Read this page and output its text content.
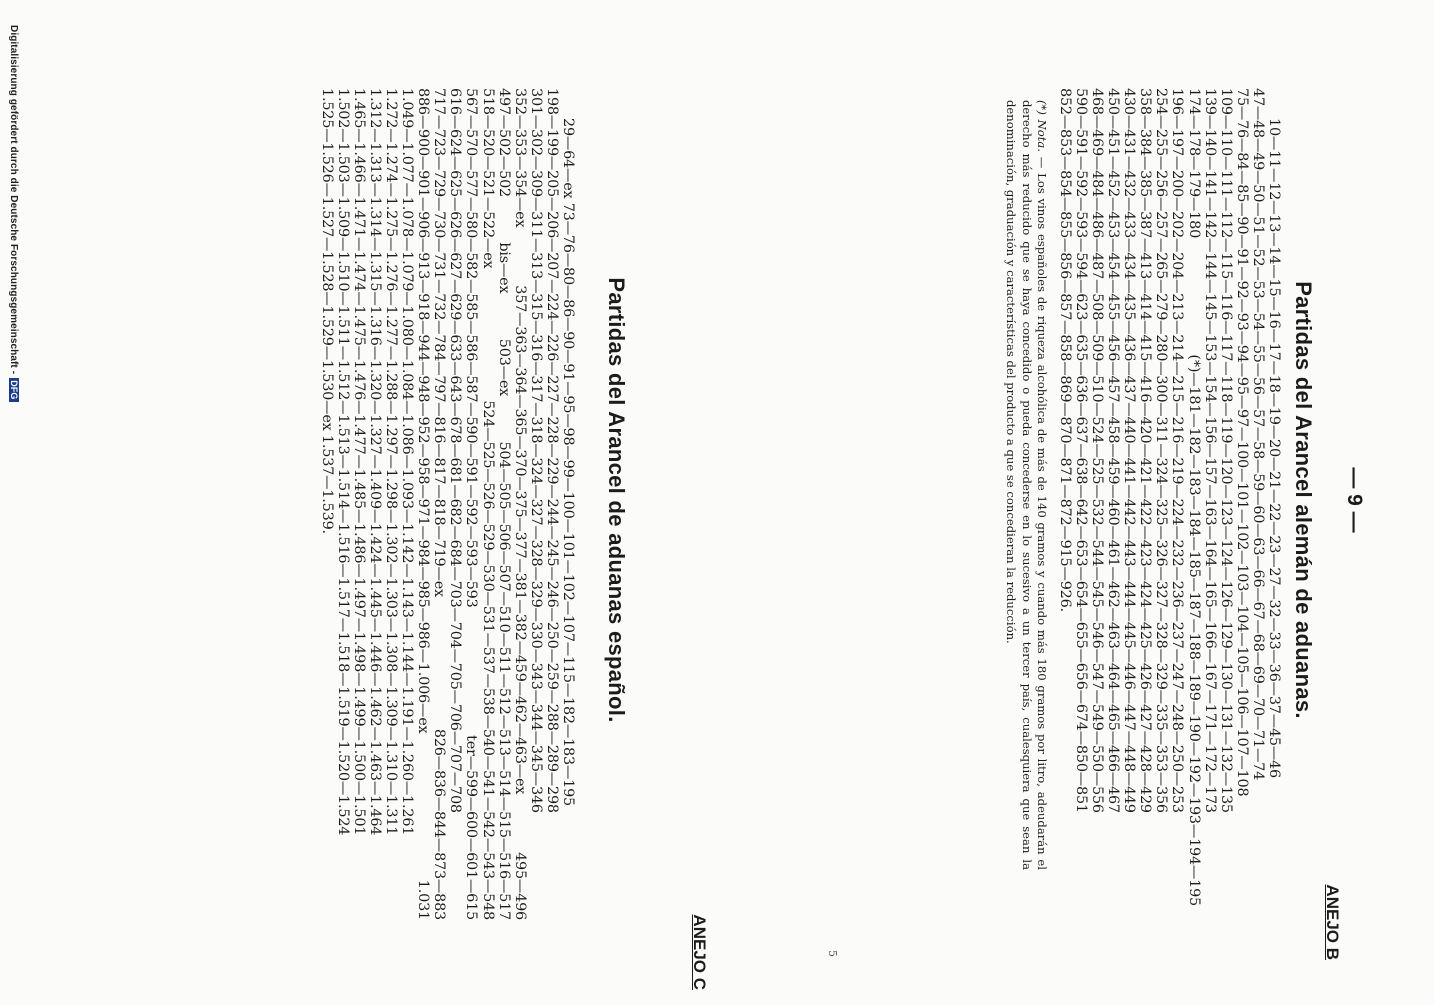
— 9 —
ANEJO B
Partidas del Arancel alemán de aduanas.
10—11—12—13—14—15—16—17—18—19—20—21—22—23—27—32—33—36—37—45—46
47—48—49—50—51—52—53—54—55—56—57—58—59—60—63—66—67—68—69—70—71—74
75—76—84—85—90—91—92—93—94—95—97—100—101—102—103—104—105—106—107—108
109—110—111—112—115—116—117—118—119—120—123—124—126—129—130—131—132—135
139—140—141—142—144—145—153—154—156—157—163—164—165—166—167—171—172—173
174—178—179—180 (*)—181—182—183—184—185—187—188—189—190—192—193—194—195
196—197—200—202—204—213—214—215—216—219—224—232—236—237—247—248—250—253
254—255—256—257—265—279—280—300—311—324—325—326—327—328—329—335—353—356
358—384—385—387—413—414—415—416—420—421—422—423—424—425—426—427—428—429
430—431—432—433—434—435—436—437—440—441—442—443—444—445—446—447—448—449
450—451—452—453—454—455—456—457—458—459—460—461—462—463—464—465—466—467
468—469—484—486—487—508—509—510—524—525—532—544—545—546—547—549—550—556
590—591—592—593—594—623—635—636—637—638—642—653—654—655—656—674—850—851
852—853—854—855—856—857—858—869—870—871—872—915—926.
(*) Nota. — Los vinos españoles de riqueza alcohólica de más de 140 gramos y cuando más 180 gramos por litro, adeudarán el derecho más reducido que se haya concedido o pueda concederse en lo sucesivo a un tercer país, cualesquiera que sean la denominación, graduación y características del producto a que se concedieran la reducción.
ANEJO C
Partidas del Arancel de aduanas español.
29—64—ex 73—76—80—86—90—91—95—98—99—100—101—102—107—115—182—183—195
198—199—205—206—207—224—226—227—228—229—244—245—246—250—259—288—289—298
301—302—309—311—313—315—316—317—318—324—327—328—329—330—343—344—345—346
352—353—354—ex 357—363—364—365—370—375—377—381—382—459—462—463—ex 495—496
497—502—502 bis—ex 503—ex 504—505—506—507—510—511—512—513—514—515—516—517
518—520—521—522—ex 524—525—526—529—530—531—537—538—540—541—542—543—548
567—570—577—580—582—585—586—587—590—591—592—593—593 ter—599—600—601—615
616—624—625—626—627—629—633—643—678—681—682—684—703—704—705—706—707—708
717—723—729—730—731—732—784—797—816—817—818—719—ex 826—836—844—873—883
886—900—901—906—913—918—944—948—952—958—971—984—985—986—1.006—ex 1.031
1.049—1.077—1.078—1.079—1.080—1.084—1.086—1.093—1.142—1.143—1.144—1.191—1.260—1.261
1.272—1.274—1.275—1.276—1.277—1.288—1.297—1.298—1.302—1.303—1.308—1.309—1.310—1.311
1.312—1.313—1.314—1.315—1.316—1.320—1.327—1.409—1.424—1.445—1.446—1.462—1.463—1.464
1.465—1.466—1.471—1.474—1.475—1.476—1.477—1.485—1.486—1.497—1.498—1.499—1.500—1.501
1.502—1.503—1.509—1.510—1.511—1.512—1.513—1.514—1.516—1.517—1.518—1.519—1.520—1.524
1.525—1.526—1.527—1.528—1.529—1.530—ex 1.537—1.539.
5
Digitalisierung gefördert durch die Deutsche Forschungsgemeinschaft -DFG
